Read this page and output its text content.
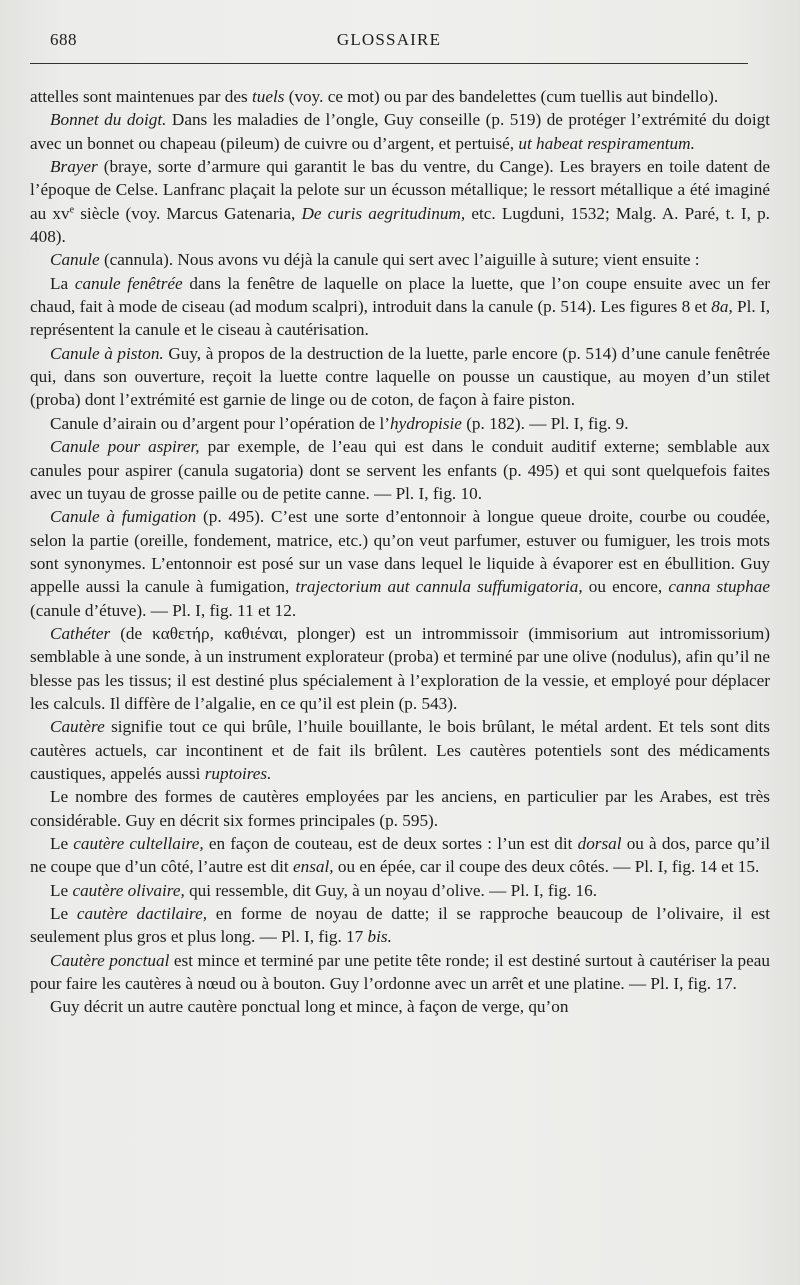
688	GLOSSAIRE

attelles sont maintenues par des tuels (voy. ce mot) ou par des bandelettes (cum tuellis aut bindello).

Bonnet du doigt. Dans les maladies de l’ongle, Guy conseille (p. 519) de protéger l’extrémité du doigt avec un bonnet ou chapeau (pileum) de cuivre ou d’argent, et pertuisé, ut habeat respiramentum.

Brayer (braye, sorte d’armure qui garantit le bas du ventre, du Cange). Les brayers en toile datent de l’époque de Celse. Lanfranc plaçait la pelote sur un écusson métallique; le ressort métallique a été imaginé au $xv^e$ siècle (voy. Marcus Gatenaria, De curis aegritudinum, etc. Lugduni, 1532; Malg. A. Paré, t. I, p. 408).

Canule (cannula). Nous avons vu déjà la canule qui sert avec l’aiguille à suture; vient ensuite :

La canule fenêtrée dans la fenêtre de laquelle on place la luette, que l’on coupe ensuite avec un fer chaud, fait à mode de ciseau (ad modum scalpri), introduit dans la canule (p. 514). Les figures 8 et 8a, Pl. I, représentent la canule et le ciseau à cautérisation.

Canule à piston. Guy, à propos de la destruction de la luette, parle encore (p. 514) d’une canule fenêtrée qui, dans son ouverture, reçoit la luette contre laquelle on pousse un caustique, au moyen d’un stilet (proba) dont l’extrémité est garnie de linge ou de coton, de façon à faire piston.

Canule d’airain ou d’argent pour l’opération de l’hydropisie (p. 182). — Pl. I, fig. 9.

Canule pour aspirer, par exemple, de l’eau qui est dans le conduit auditif externe; semblable aux canules pour aspirer (canula sugatoria) dont se servent les enfants (p. 495) et qui sont quelquefois faites avec un tuyau de grosse paille ou de petite canne. — Pl. I, fig. 10.

Canule à fumigation (p. 495). C’est une sorte d’entonnoir à longue queue droite, courbe ou coudée, selon la partie (oreille, fondement, matrice, etc.) qu’on veut parfumer, estuver ou fumiguer, les trois mots sont synonymes. L’entonnoir est posé sur un vase dans lequel le liquide à évaporer est en ébullition. Guy appelle aussi la canule à fumigation, trajectorium aut cannula suffumigatoria, ou encore, canna stuphae (canule d’étuve). — Pl. I, fig. 11 et 12.

Cathéter (de καθετήρ, καθιέναι, plonger) est un intrommissoir (immisorium aut intromissorium) semblable à une sonde, à un instrument explorateur (proba) et terminé par une olive (nodulus), afin qu’il ne blesse pas les tissus; il est destiné plus spécialement à l’exploration de la vessie, et employé pour déplacer les calculs. Il diffère de l’algalie, en ce qu’il est plein (p. 543).

Cautère signifie tout ce qui brûle, l’huile bouillante, le bois brûlant, le métal ardent. Et tels sont dits cautères actuels, car incontinent et de fait ils brûlent. Les cautères potentiels sont des médicaments caustiques, appelés aussi ruptoires.

Le nombre des formes de cautères employées par les anciens, en particulier par les Arabes, est très considérable. Guy en décrit six formes principales (p. 595).

Le cautère cultellaire, en façon de couteau, est de deux sortes : l’un est dit dorsal ou à dos, parce qu’il ne coupe que d’un côté, l’autre est dit ensal, ou en épée, car il coupe des deux côtés. — Pl. I, fig. 14 et 15.

Le cautère olivaire, qui ressemble, dit Guy, à un noyau d’olive. — Pl. I, fig. 16.

Le cautère dactilaire, en forme de noyau de datte; il se rapproche beaucoup de l’olivaire, il est seulement plus gros et plus long. — Pl. I, fig. 17 bis.

Cautère ponctual est mince et terminé par une petite tête ronde; il est destiné surtout à cautériser la peau pour faire les cautères à nœud ou à bouton. Guy l’ordonne avec un arrêt et une platine. — Pl. I, fig. 17.

Guy décrit un autre cautère ponctual long et mince, à façon de verge, qu’on
